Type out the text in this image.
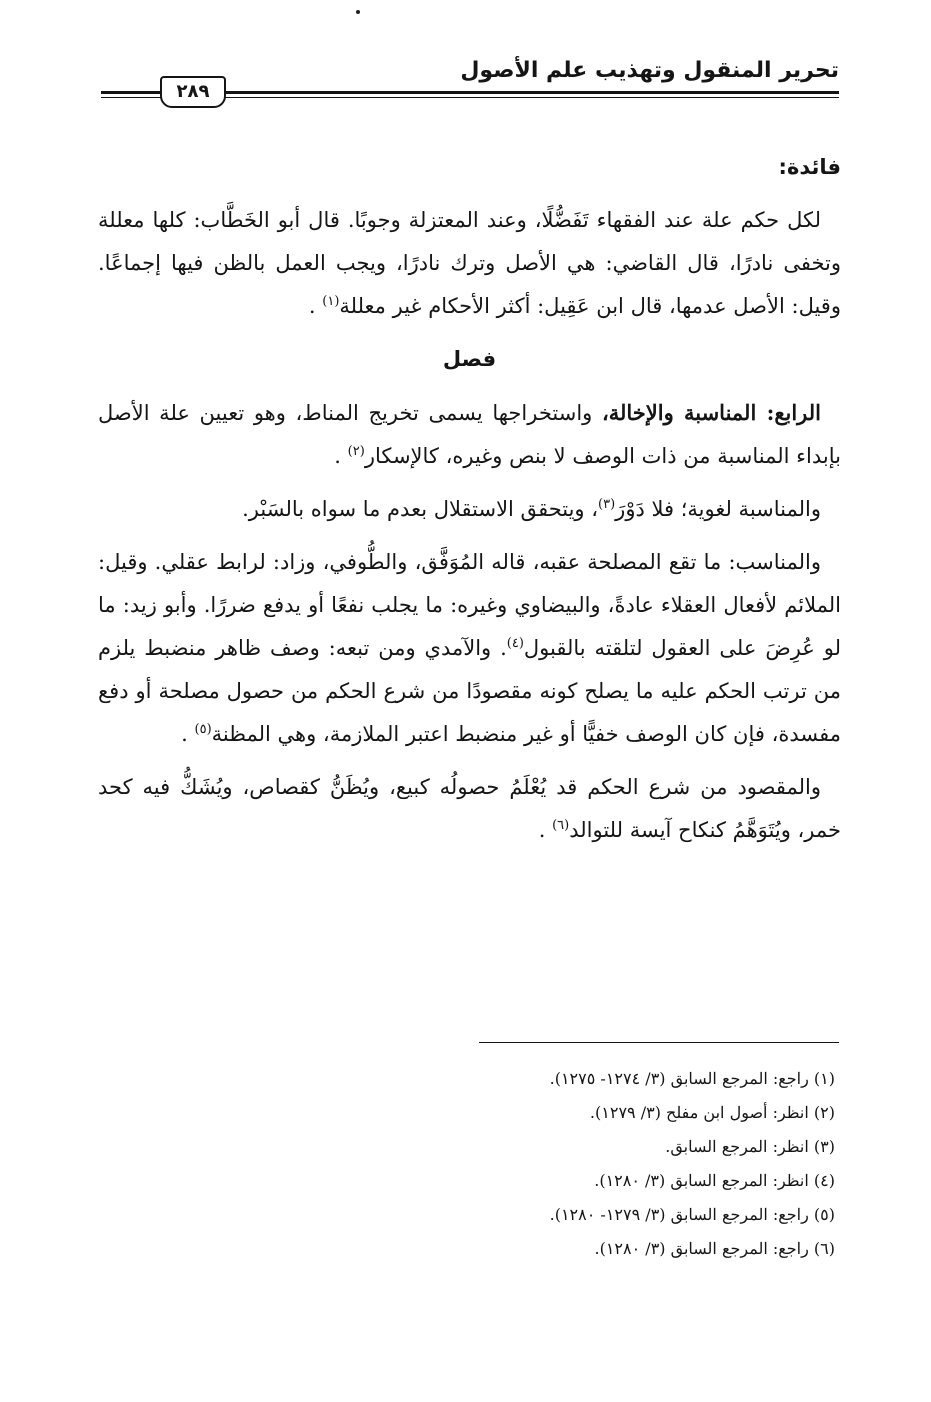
تحرير المنقول وتهذيب علم الأصول
٢٨٩

فائدة:

لكل حكم علة عند الفقهاء تَفَضُّلًا، وعند المعتزلة وجوبًا. قال أبو الخَطَّاب: كلها معللة وتخفى نادرًا، قال القاضي: هي الأصل وترك نادرًا، ويجب العمل بالظن فيها إجماعًا. وقيل: الأصل عدمها، قال ابن عَقِيل: أكثر الأحكام غير معللة$^{(١)}$ .

فصل

الرابع: المناسبة والإخالة، واستخراجها يسمى تخريج المناط، وهو تعيين علة الأصل بإبداء المناسبة من ذات الوصف لا بنص وغيره، كالإسكار$^{(٢)}$ .

والمناسبة لغوية؛ فلا دَوْرَ$^{(٣)}$، ويتحقق الاستقلال بعدم ما سواه بالسَبْر.

والمناسب: ما تقع المصلحة عقبه، قاله المُوَفَّق، والطُّوفي، وزاد: لرابط عقلي. وقيل: الملائم لأفعال العقلاء عادةً، والبيضاوي وغيره: ما يجلب نفعًا أو يدفع ضررًا. وأبو زيد: ما لو عُرِضَ على العقول لتلقته بالقبول$^{(٤)}$. والآمدي ومن تبعه: وصف ظاهر منضبط يلزم من ترتب الحكم عليه ما يصلح كونه مقصودًا من شرع الحكم من حصول مصلحة أو دفع مفسدة، فإن كان الوصف خفيًّا أو غير منضبط اعتبر الملازمة، وهي المظنة$^{(٥)}$ .

والمقصود من شرع الحكم قد يُعْلَمُ حصولُه كبيع، ويُظَنُّ كقصاص، ويُشَكُّ فيه كحد خمر، ويُتَوَهَّمُ كنكاح آيسة للتوالد$^{(٦)}$ .

(١) راجع: المرجع السابق (٣/ ١٢٧٤- ١٢٧٥).
(٢) انظر: أصول ابن مفلح (٣/ ١٢٧٩).
(٣) انظر: المرجع السابق.
(٤) انظر: المرجع السابق (٣/ ١٢٨٠).
(٥) راجع: المرجع السابق (٣/ ١٢٧٩- ١٢٨٠).
(٦) راجع: المرجع السابق (٣/ ١٢٨٠).
